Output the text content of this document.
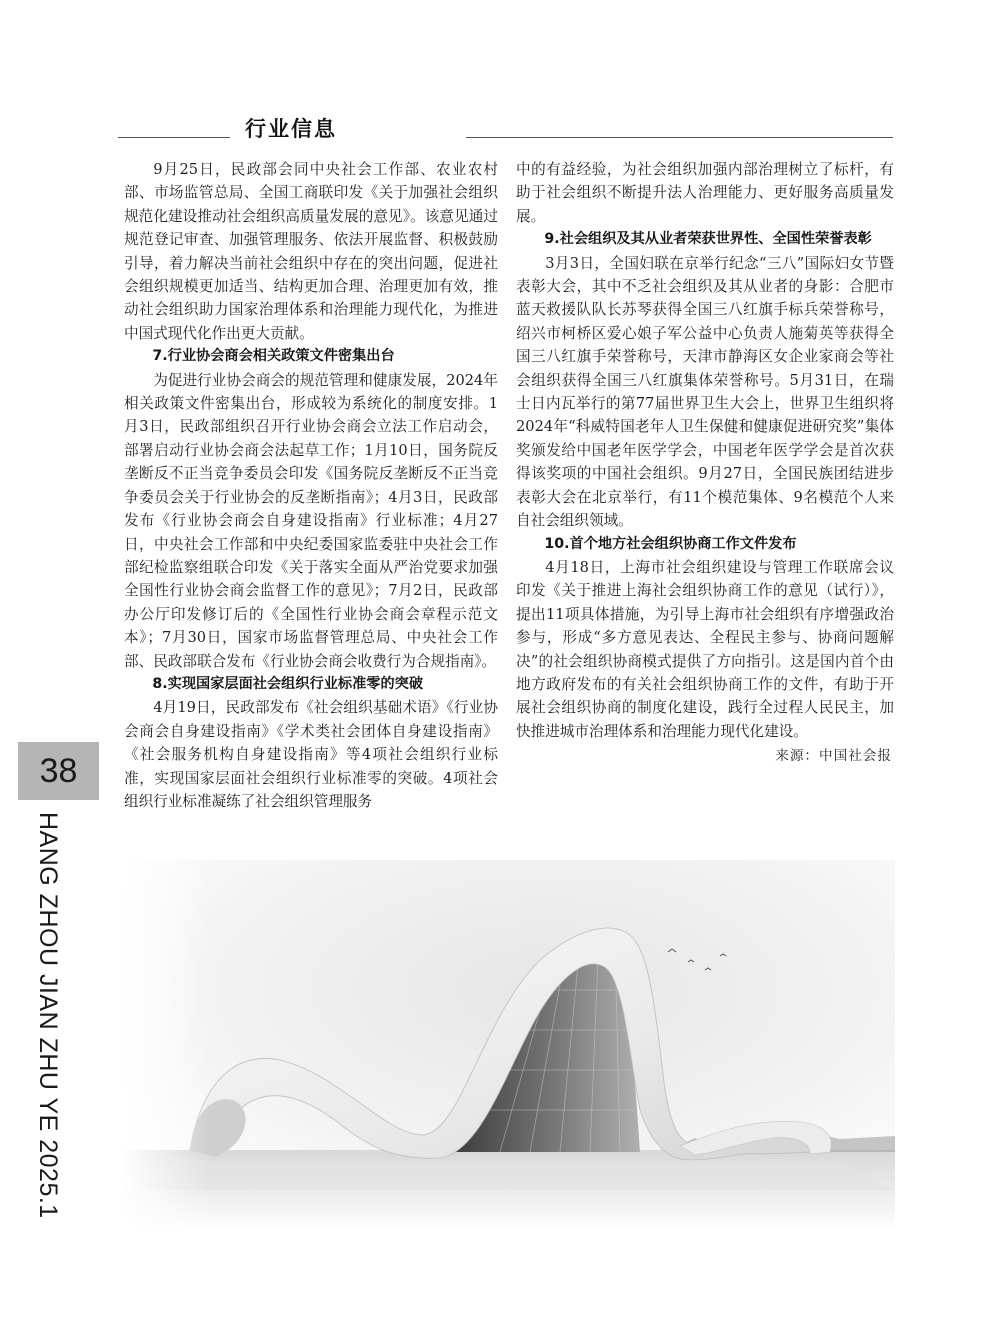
行业信息

9月25日，民政部会同中央社会工作部、农业农村部、市场监管总局、全国工商联印发《关于加强社会组织规范化建设推动社会组织高质量发展的意见》。该意见通过规范登记审查、加强管理服务、依法开展监督、积极鼓励引导，着力解决当前社会组织中存在的突出问题，促进社会组织规模更加适当、结构更加合理、治理更加有效，推动社会组织助力国家治理体系和治理能力现代化，为推进中国式现代化作出更大贡献。

7.行业协会商会相关政策文件密集出台

为促进行业协会商会的规范管理和健康发展，2024年相关政策文件密集出台，形成较为系统化的制度安排。1月3日，民政部组织召开行业协会商会立法工作启动会，部署启动行业协会商会法起草工作；1月10日，国务院反垄断反不正当竞争委员会印发《国务院反垄断反不正当竞争委员会关于行业协会的反垄断指南》；4月3日，民政部发布《行业协会商会自身建设指南》行业标准；4月27日，中央社会工作部和中央纪委国家监委驻中央社会工作部纪检监察组联合印发《关于落实全面从严治党要求加强全国性行业协会商会监督工作的意见》；7月2日，民政部办公厅印发修订后的《全国性行业协会商会章程示范文本》；7月30日，国家市场监督管理总局、中央社会工作部、民政部联合发布《行业协会商会收费行为合规指南》。

8.实现国家层面社会组织行业标准零的突破

4月19日，民政部发布《社会组织基础术语》《行业协会商会自身建设指南》《学术类社会团体自身建设指南》《社会服务机构自身建设指南》等4项社会组织行业标准，实现国家层面社会组织行业标准零的突破。4项社会组织行业标准凝练了社会组织管理服务

中的有益经验，为社会组织加强内部治理树立了标杆，有助于社会组织不断提升法人治理能力、更好服务高质量发展。

9.社会组织及其从业者荣获世界性、全国性荣誉表彰

3月3日，全国妇联在京举行纪念“三八”国际妇女节暨表彰大会，其中不乏社会组织及其从业者的身影：合肥市蓝天救援队队长苏琴获得全国三八红旗手标兵荣誉称号，绍兴市柯桥区爱心娘子军公益中心负责人施菊英等获得全国三八红旗手荣誉称号，天津市静海区女企业家商会等社会组织获得全国三八红旗集体荣誉称号。5月31日，在瑞士日内瓦举行的第77届世界卫生大会上，世界卫生组织将2024年“科威特国老年人卫生保健和健康促进研究奖”集体奖颁发给中国老年医学学会，中国老年医学学会是首次获得该奖项的中国社会组织。9月27日，全国民族团结进步表彰大会在北京举行，有11个模范集体、9名模范个人来自社会组织领域。

10.首个地方社会组织协商工作文件发布

4月18日，上海市社会组织建设与管理工作联席会议印发《关于推进上海社会组织协商工作的意见（试行）》，提出11项具体措施，为引导上海市社会组织有序增强政治参与，形成“多方意见表达、全程民主参与、协商问题解决”的社会组织协商模式提供了方向指引。这是国内首个由地方政府发布的有关社会组织协商工作的文件，有助于开展社会组织协商的制度化建设，践行全过程人民民主，加快推进城市治理体系和治理能力现代化建设。

来源：中国社会报

38
HANG ZHOU JIAN ZHU YE 2025.1
